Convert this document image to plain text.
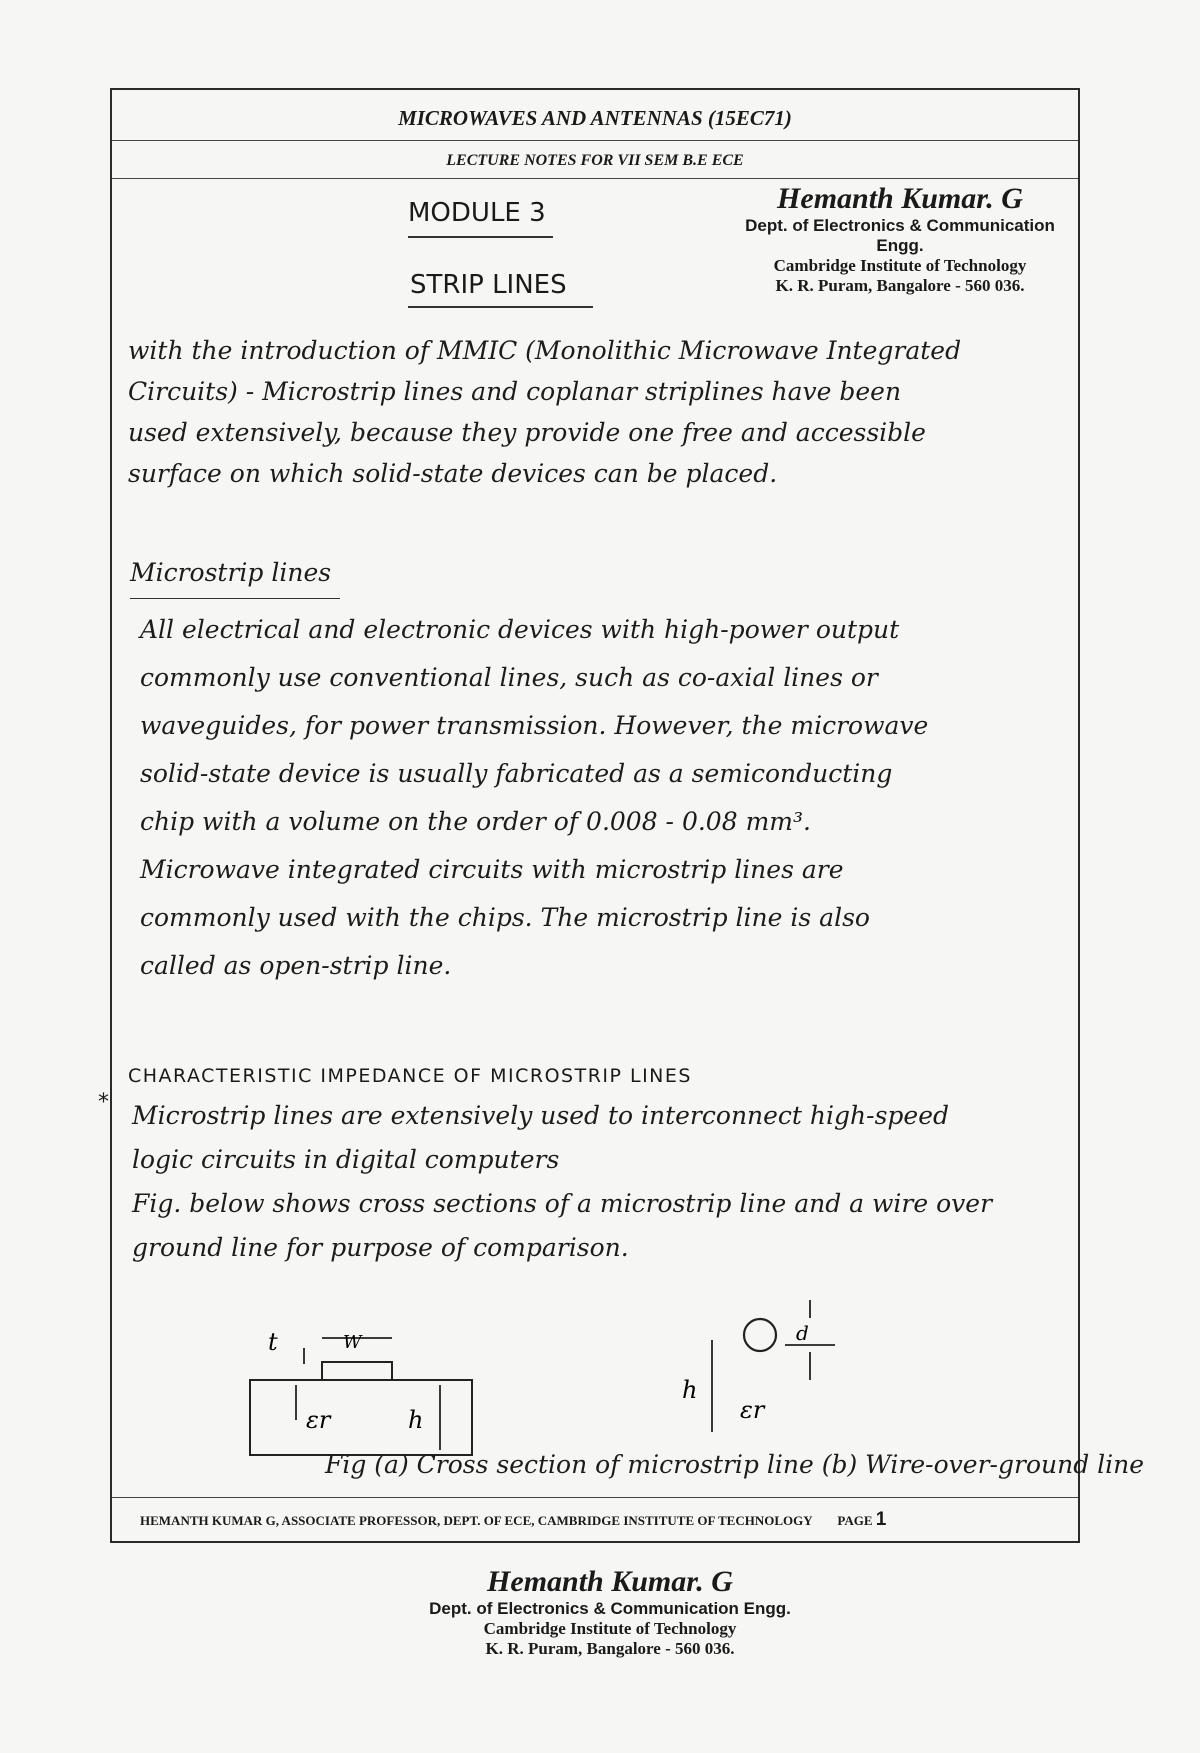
MICROWAVES AND ANTENNAS (15EC71)
LECTURE NOTES FOR VII SEM B.E ECE
MODULE 3
STRIP LINES
Hemanth Kumar. G
Dept. of Electronics & Communication Engg.
Cambridge Institute of Technology
K. R. Puram, Bangalore - 560 036.

with the introduction of MMIC (Monolithic Microwave Integrated

Circuits) - Microstrip lines and coplanar striplines have been

used extensively, because they provide one free and accessible

surface on which solid-state devices can be placed.

Microstrip lines

All electrical and electronic devices with high-power output

commonly use conventional lines, such as co-axial lines or

waveguides, for power transmission. However, the microwave

solid-state device is usually fabricated as a semiconducting

chip with a volume on the order of 0.008 - 0.08 mm³.

Microwave integrated circuits with microstrip lines are

commonly used with the chips. The microstrip line is also

called as open-strip line.

*
CHARACTERISTIC IMPEDANCE OF MICROSTRIP LINES

Microstrip lines are extensively used to interconnect high-speed

logic circuits in digital computers

Fig. below shows cross sections of a microstrip line and a wire over

ground line for purpose of comparison.

t	W
εr	h
h
εr
d
Fig (a) Cross section of microstrip line (b) Wire-over-ground line
HEMANTH KUMAR G, ASSOCIATE PROFESSOR, DEPT. OF ECE, CAMBRIDGE INSTITUTE OF TECHNOLOGY PAGE 1
Hemanth Kumar. G
Dept. of Electronics & Communication Engg.
Cambridge Institute of Technology
K. R. Puram, Bangalore - 560 036.
